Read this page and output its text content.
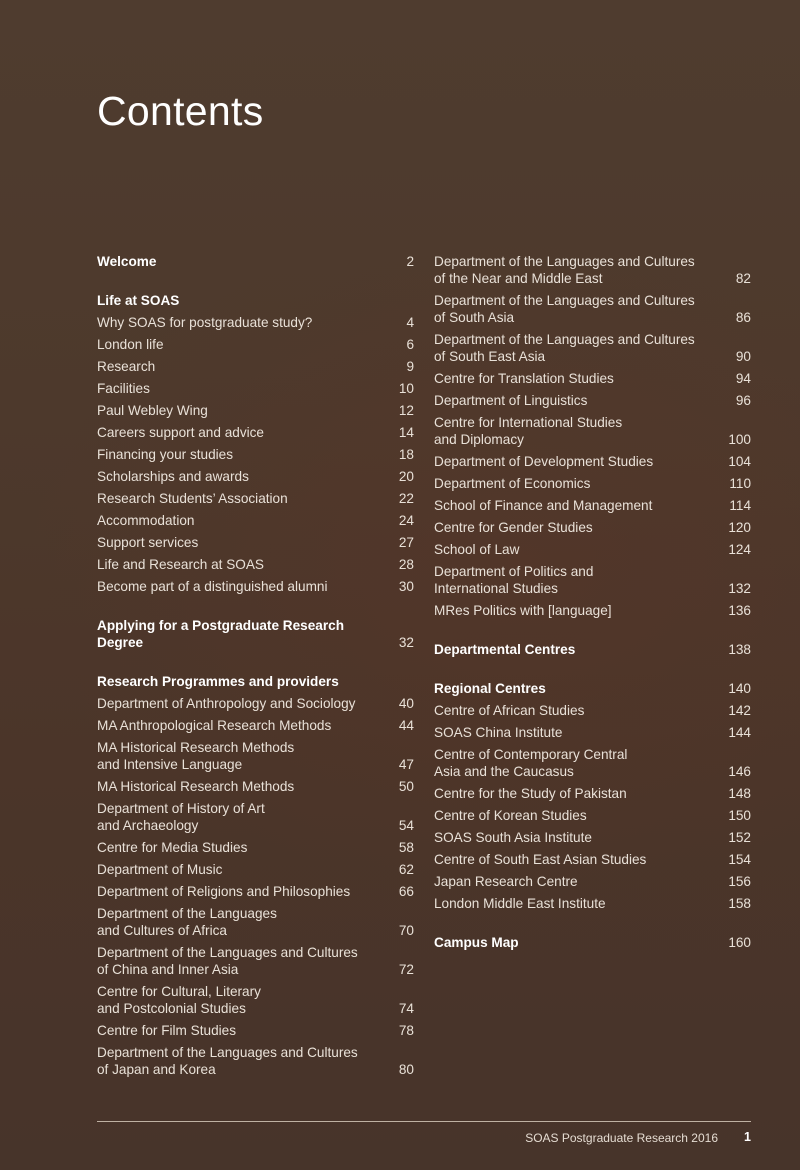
Contents
Welcome	2
Life at SOAS
Why SOAS for postgraduate study?	4
London life	6
Research	9
Facilities	10
Paul Webley Wing	12
Careers support and advice	14
Financing your studies	18
Scholarships and awards	20
Research Students’ Association	22
Accommodation	24
Support services	27
Life and Research at SOAS	28
Become part of a distinguished alumni	30
Applying for a Postgraduate Research Degree	32
Research Programmes and providers
Department of Anthropology and Sociology	40
MA Anthropological Research Methods	44
MA Historical Research Methods
and Intensive Language	47
MA Historical Research Methods	50
Department of History of Art
and Archaeology	54
Centre for Media Studies	58
Department of Music	62
Department of Religions and Philosophies	66
Department of the Languages
and Cultures of Africa	70
Department of the Languages and Cultures
of China and Inner Asia	72
Centre for Cultural, Literary
and Postcolonial Studies	74
Centre for Film Studies	78
Department of the Languages and Cultures
of Japan and Korea	80
Department of the Languages and Cultures
of the Near and Middle East	82
Department of the Languages and Cultures
of South Asia	86
Department of the Languages and Cultures
of South East Asia	90
Centre for Translation Studies	94
Department of Linguistics	96
Centre for International Studies
and Diplomacy	100
Department of Development Studies	104
Department of Economics	110
School of Finance and Management	114
Centre for Gender Studies	120
School of Law	124
Department of Politics and
International Studies	132
MRes Politics with [language]	136
Departmental Centres	138
Regional Centres	140
Centre of African Studies	142
SOAS China Institute	144
Centre of Contemporary Central
Asia and the Caucasus	146
Centre for the Study of Pakistan	148
Centre of Korean Studies	150
SOAS South Asia Institute	152
Centre of South East Asian Studies	154
Japan Research Centre	156
London Middle East Institute	158
Campus Map	160
SOAS Postgraduate Research 2016 1
